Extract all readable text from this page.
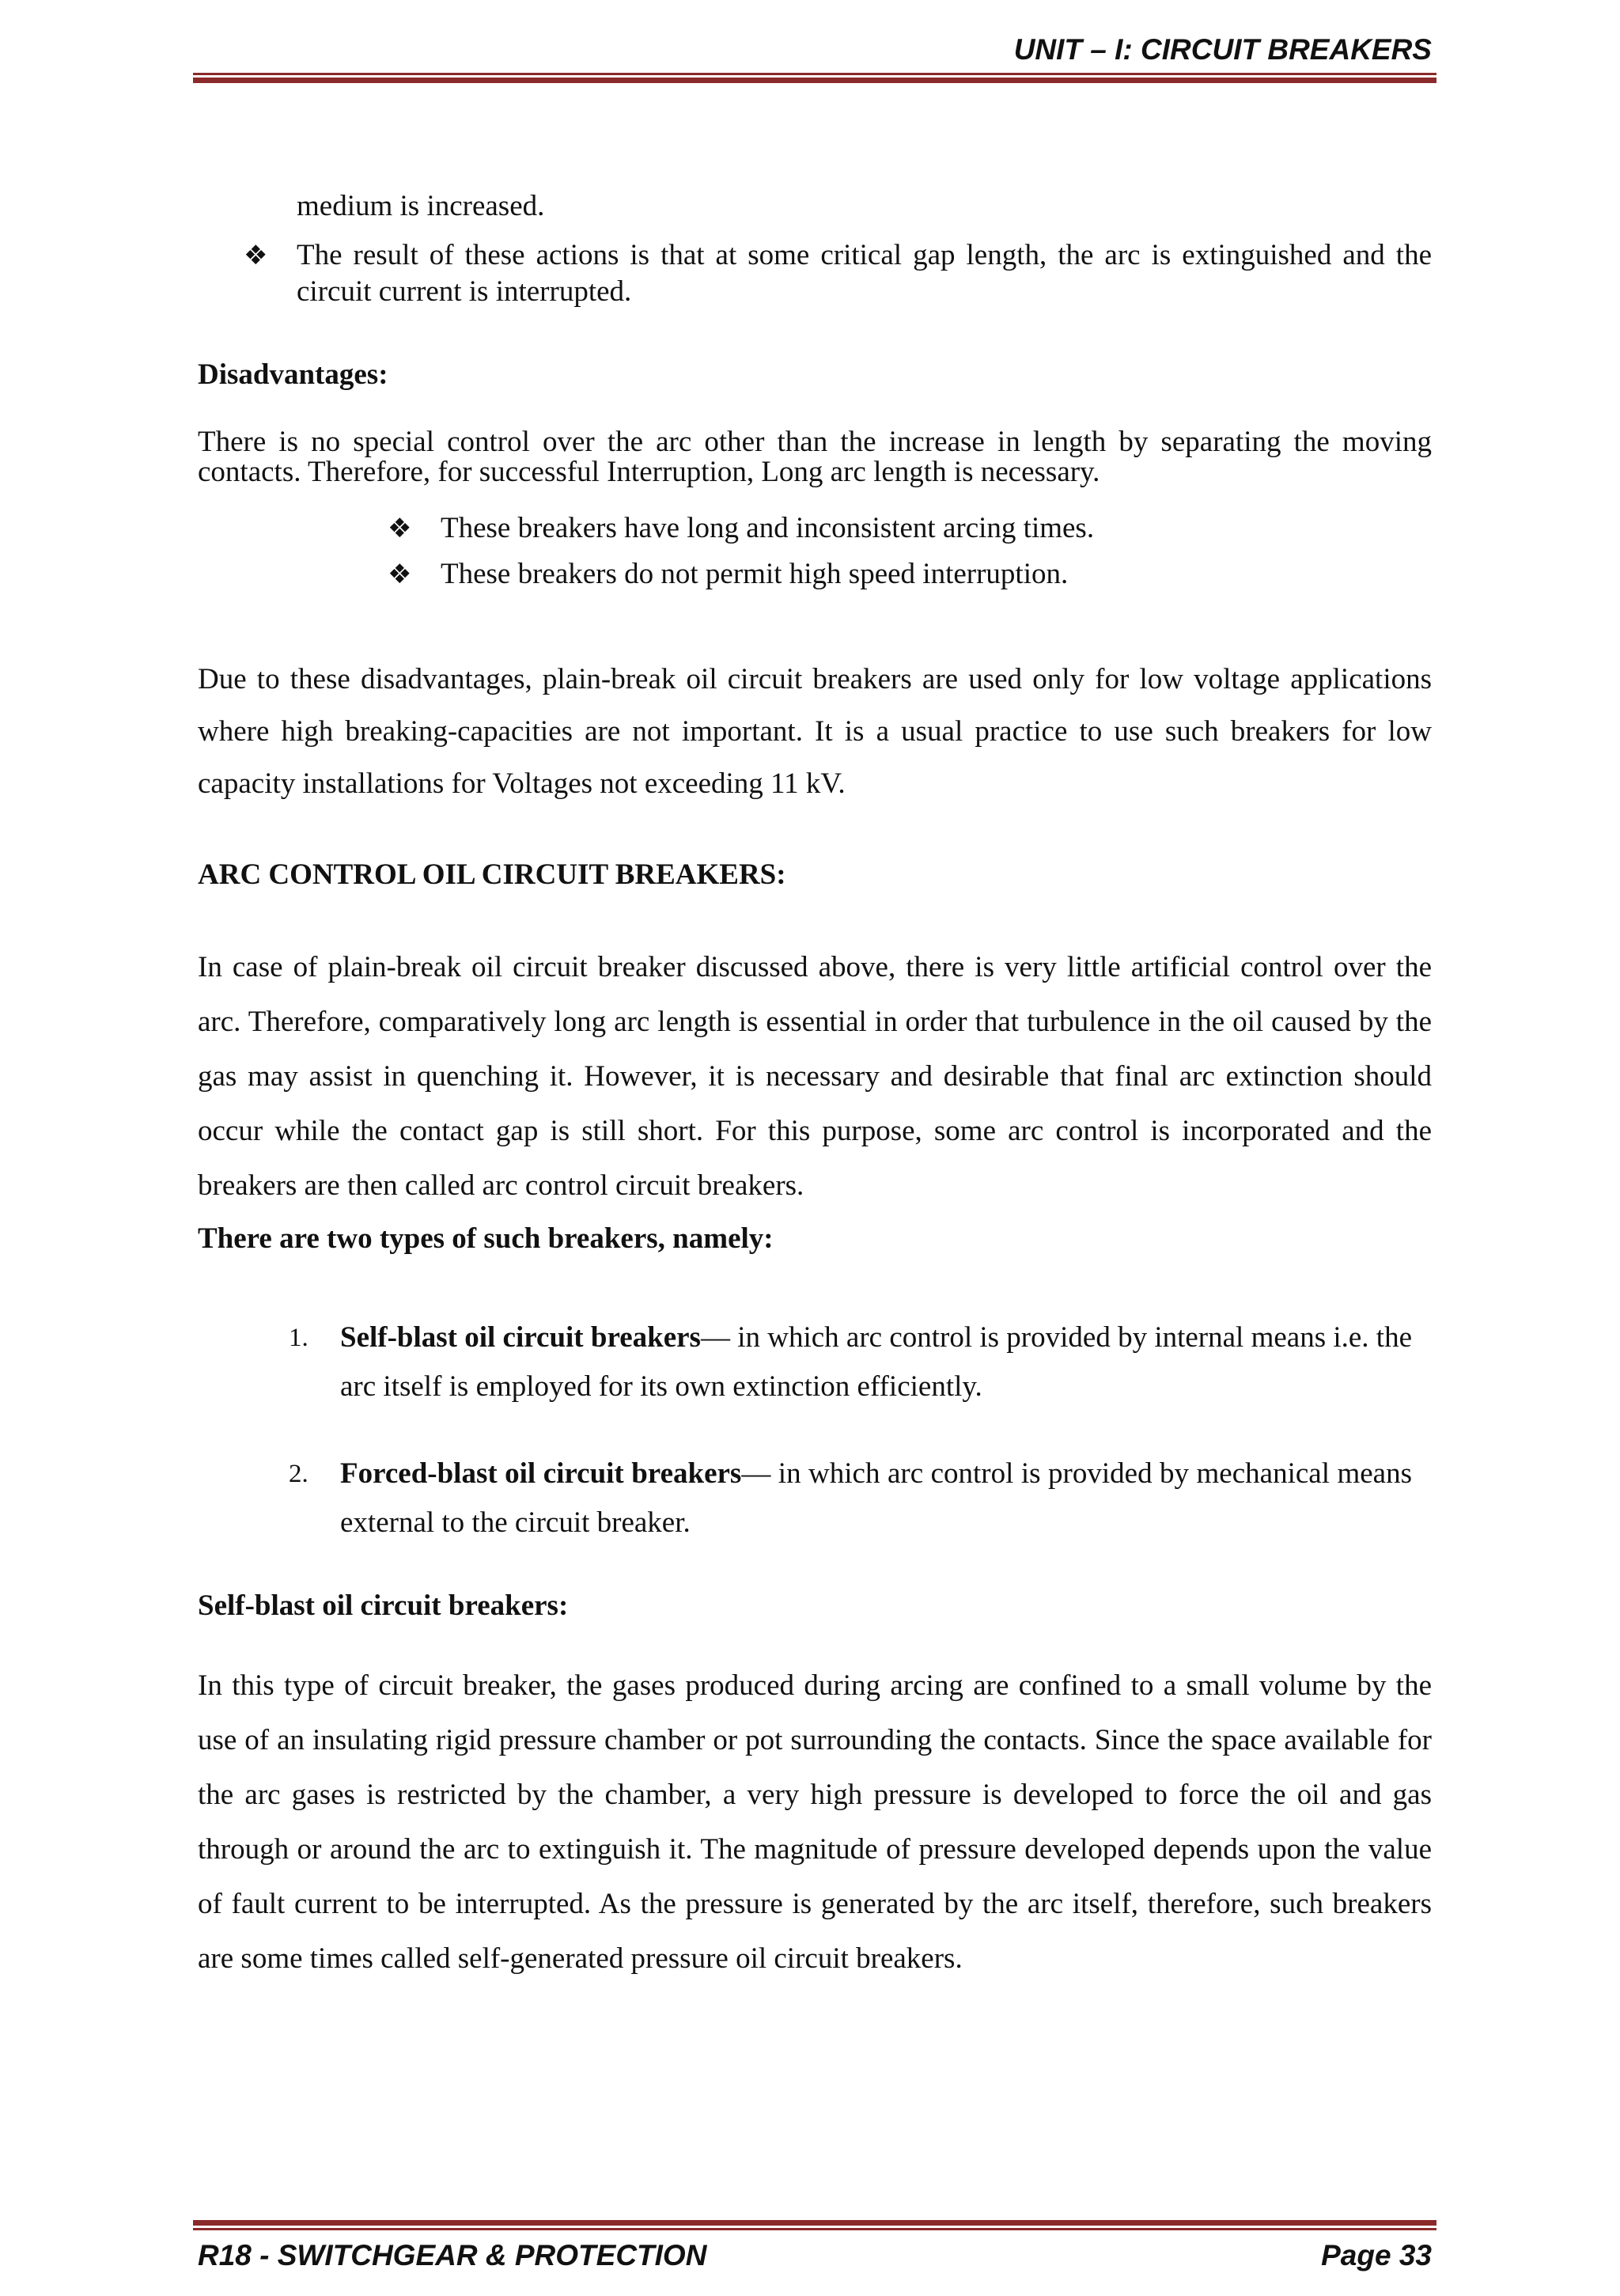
UNIT – I: CIRCUIT BREAKERS

medium is increased.

❖ The result of these actions is that at some critical gap length, the arc is extinguished and the circuit current is interrupted.
Disadvantages:

There is no special control over the arc other than the increase in length by separating the moving contacts. Therefore, for successful Interruption, Long arc length is necessary.

❖ These breakers have long and inconsistent arcing times.
❖ These breakers do not permit high speed interruption.

Due to these disadvantages, plain-break oil circuit breakers are used only for low voltage applications where high breaking-capacities are not important. It is a usual practice to use such breakers for low capacity installations for Voltages not exceeding 11 kV.

ARC CONTROL OIL CIRCUIT BREAKERS:

In case of plain-break oil circuit breaker discussed above, there is very little artificial control over the arc. Therefore, comparatively long arc length is essential in order that turbulence in the oil caused by the gas may assist in quenching it. However, it is necessary and desirable that final arc extinction should occur while the contact gap is still short. For this purpose, some arc control is incorporated and the breakers are then called arc control circuit breakers.

There are two types of such breakers, namely:
1. Self-blast oil circuit breakers— in which arc control is provided by internal means i.e. the arc itself is employed for its own extinction efficiently.
2. Forced-blast oil circuit breakers— in which arc control is provided by mechanical means external to the circuit breaker.
Self-blast oil circuit breakers:

In this type of circuit breaker, the gases produced during arcing are confined to a small volume by the use of an insulating rigid pressure chamber or pot surrounding the contacts. Since the space available for the arc gases is restricted by the chamber, a very high pressure is developed to force the oil and gas through or around the arc to extinguish it. The magnitude of pressure developed depends upon the value of fault current to be interrupted. As the pressure is generated by the arc itself, therefore, such breakers are some times called self-generated pressure oil circuit breakers.

R18 - SWITCHGEAR & PROTECTION	Page 33
